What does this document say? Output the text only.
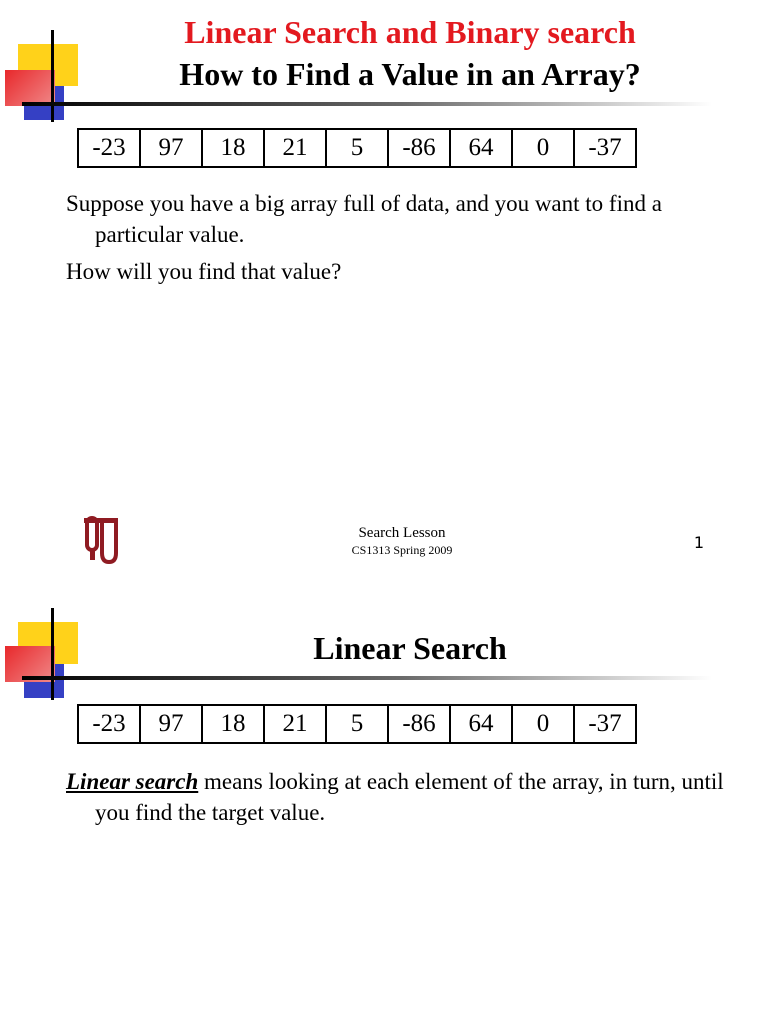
Linear Search and Binary search
How to Find a Value in an Array?
-23	97	18	21	5	-86	64	0	-37

Suppose you have a big array full of data, and you want to find a particular value.

How will you find that value?

Search Lesson
CS1313 Spring 2009	1
Linear Search
-23	97	18	21	5	-86	64	0	-37

Linear search means looking at each element of the array, in turn, until you find the target value.
